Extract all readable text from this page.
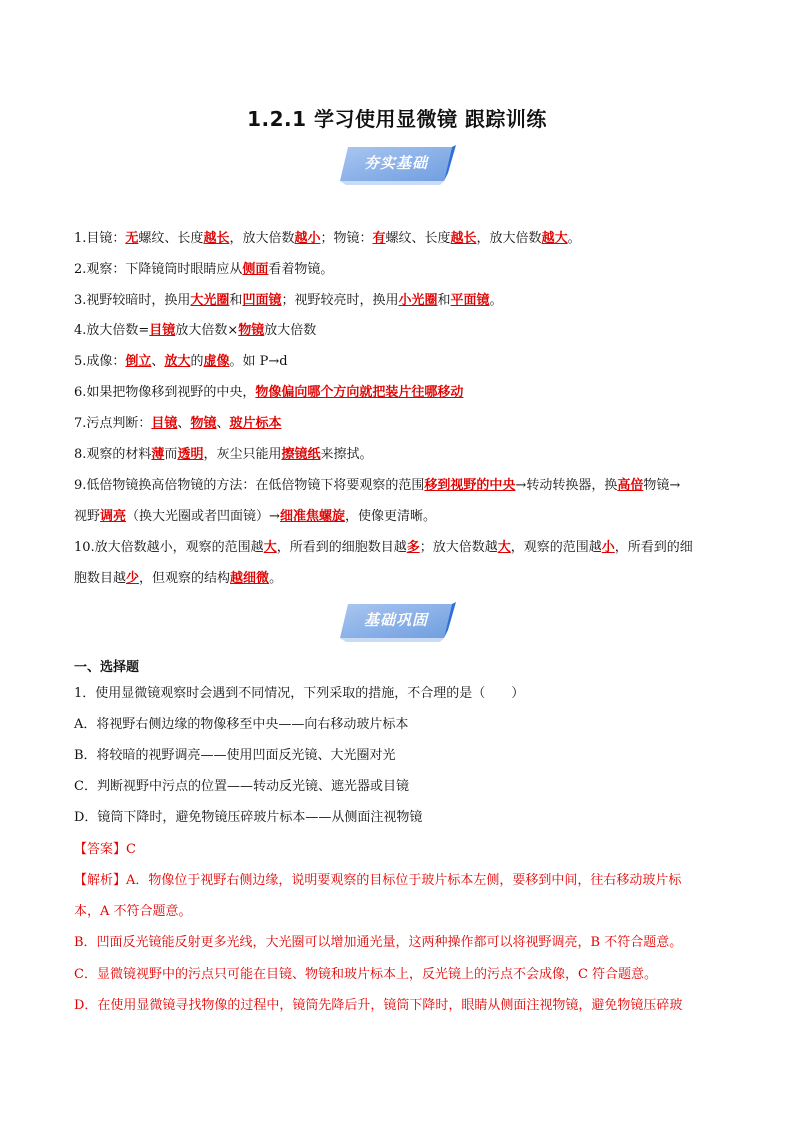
1.2.1 学习使用显微镜 跟踪训练
夯实基础
1.目镜：无螺纹、长度越长，放大倍数越小；物镜：有螺纹、长度越长，放大倍数越大。
2.观察：下降镜筒时眼睛应从侧面看着物镜。
3.视野较暗时，换用大光圈和凹面镜；视野较亮时，换用小光圈和平面镜。
4.放大倍数=目镜放大倍数×物镜放大倍数
5.成像：倒立、放大的虚像。如 P→d
6.如果把物像移到视野的中央，物像偏向哪个方向就把装片往哪移动
7.污点判断：目镜、物镜、玻片标本
8.观察的材料薄而透明，灰尘只能用擦镜纸来擦拭。
9.低倍物镜换高倍物镜的方法：在低倍物镜下将要观察的范围移到视野的中央→转动转换器，换高倍物镜→
视野调亮（换大光圈或者凹面镜）→细准焦螺旋，使像更清晰。
10.放大倍数越小，观察的范围越大，所看到的细胞数目越多；放大倍数越大，观察的范围越小，所看到的细
胞数目越少，但观察的结构越细微。
基础巩固
一、选择题
1．使用显微镜观察时会遇到不同情况，下列采取的措施，不合理的是（　　）
A．将视野右侧边缘的物像移至中央——向右移动玻片标本
B．将较暗的视野调亮——使用凹面反光镜、大光圈对光
C．判断视野中污点的位置——转动反光镜、遮光器或目镜
D．镜筒下降时，避免物镜压碎玻片标本——从侧面注视物镜
【答案】C
【解析】A．物像位于视野右侧边缘，说明要观察的目标位于玻片标本左侧，要移到中间，往右移动玻片标
本，A 不符合题意。
B．凹面反光镜能反射更多光线，大光圈可以增加通光量，这两种操作都可以将视野调亮，B 不符合题意。
C．显微镜视野中的污点只可能在目镜、物镜和玻片标本上，反光镜上的污点不会成像，C 符合题意。
D．在使用显微镜寻找物像的过程中，镜筒先降后升，镜筒下降时，眼睛从侧面注视物镜，避免物镜压碎玻
